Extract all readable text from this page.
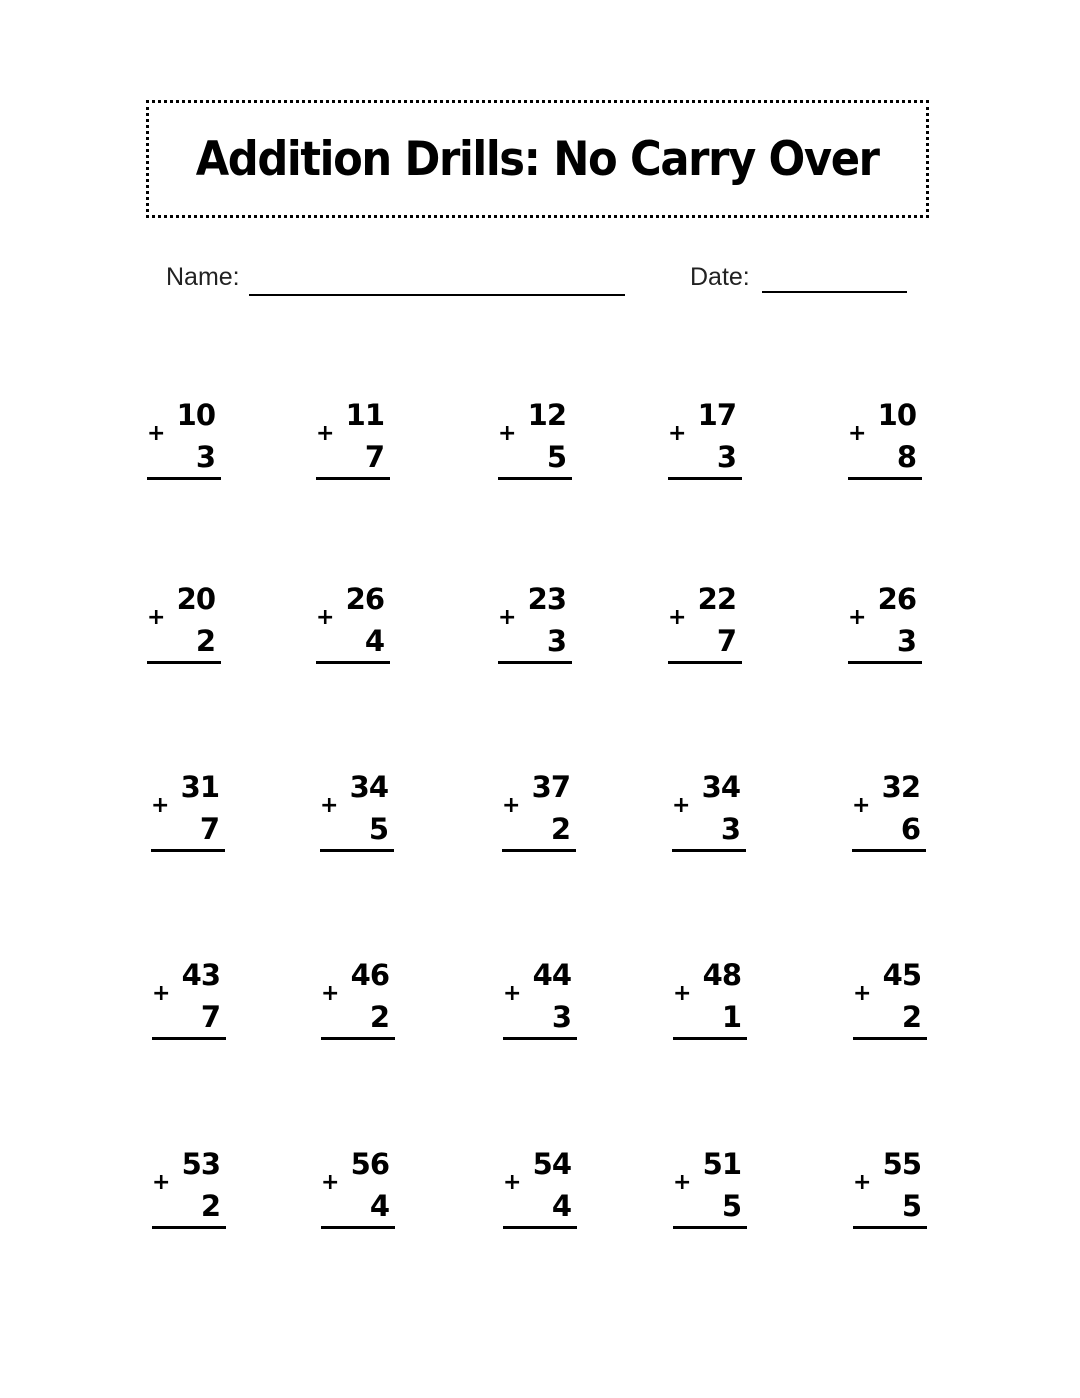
Addition Drills: No Carry Over
Name:	Date:
10
+
3
11
+
7
12
+
5
17
+
3
10
+
8
20
+
2
26
+
4
23
+
3
22
+
7
26
+
3
31
+
7
34
+
5
37
+
2
34
+
3
32
+
6
43
+
7
46
+
2
44
+
3
48
+
1
45
+
2
53
+
2
56
+
4
54
+
4
51
+
5
55
+
5
